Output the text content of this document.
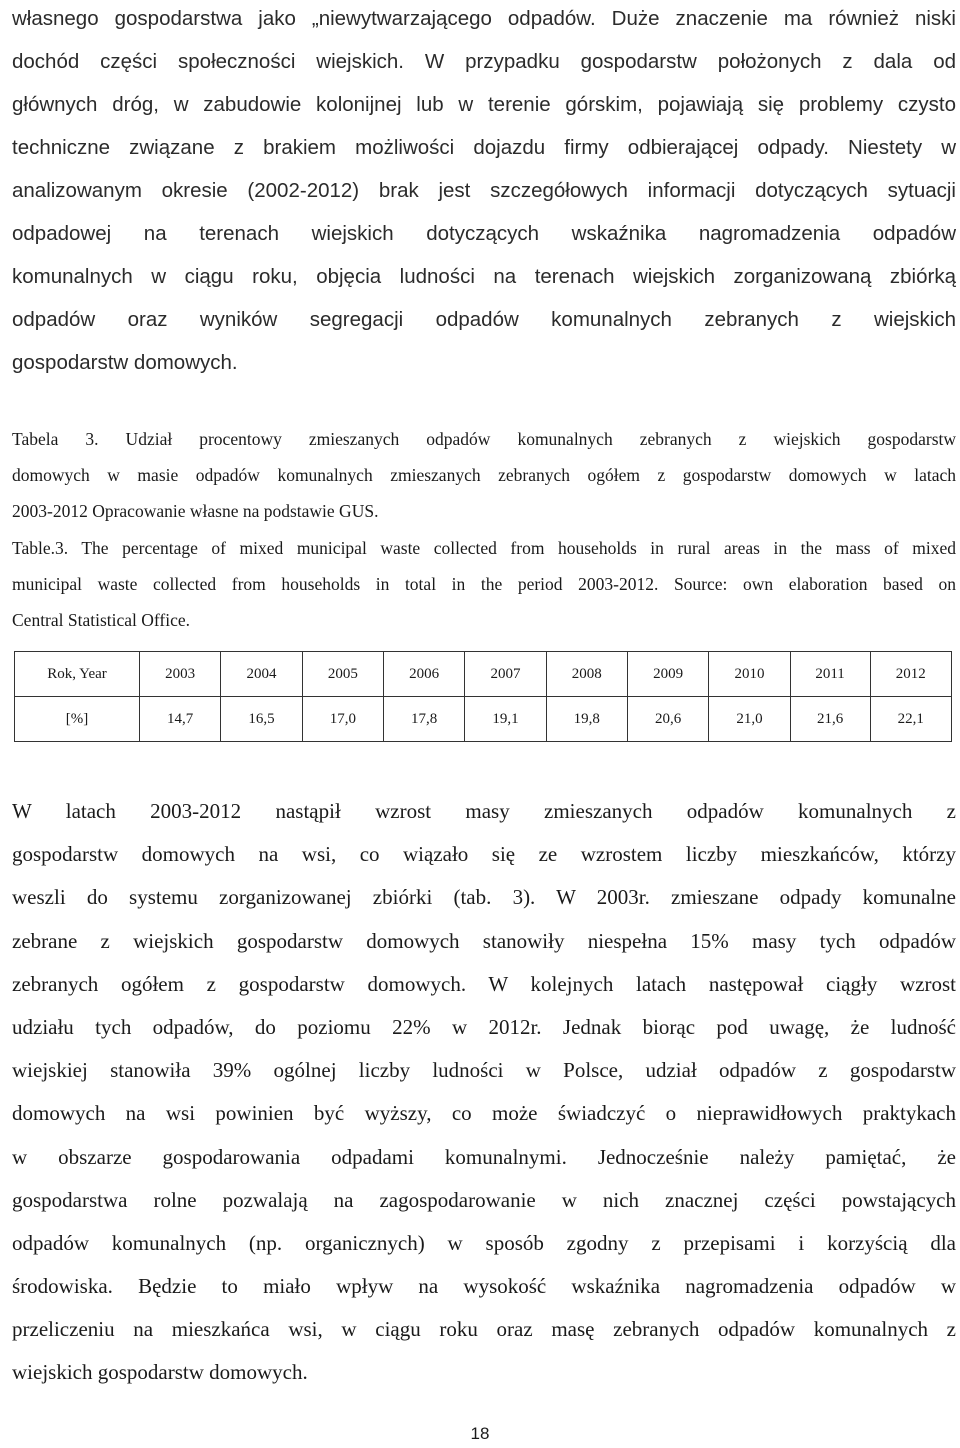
własnego gospodarstwa jako „niewytwarzającego odpadów. Duże znaczenie ma również niski
dochód części społeczności wiejskich. W przypadku gospodarstw położonych z dala od
głównych dróg, w zabudowie kolonijnej lub w terenie górskim, pojawiają się problemy czysto
techniczne związane z brakiem możliwości dojazdu firmy odbierającej odpady. Niestety w
analizowanym okresie (2002-2012) brak jest szczegółowych informacji dotyczących sytuacji
odpadowej na terenach wiejskich dotyczących wskaźnika nagromadzenia odpadów
komunalnych w ciągu roku, objęcia ludności na terenach wiejskich zorganizowaną zbiórką
odpadów oraz wyników segregacji odpadów komunalnych zebranych z wiejskich
gospodarstw domowych.
Tabela 3. Udział procentowy zmieszanych odpadów komunalnych zebranych z wiejskich gospodarstw
domowych w masie odpadów komunalnych zmieszanych zebranych ogółem z gospodarstw domowych w latach
2003-2012 Opracowanie własne na podstawie GUS.
Table.3. The percentage of mixed municipal waste collected from households in rural areas in the mass of mixed
municipal waste collected from households in total in the period 2003-2012. Source: own elaboration based on
Central Statistical Office.
Rok, Year	2003	2004	2005	2006	2007	2008	2009	2010	2011	2012
[%]	14,7	16,5	17,0	17,8	19,1	19,8	20,6	21,0	21,6	22,1
W latach 2003-2012 nastąpił wzrost masy zmieszanych odpadów komunalnych z
gospodarstw domowych na wsi, co wiązało się ze wzrostem liczby mieszkańców, którzy
weszli do systemu zorganizowanej zbiórki (tab. 3). W 2003r. zmieszane odpady komunalne
zebrane z wiejskich gospodarstw domowych stanowiły niespełna 15% masy tych odpadów
zebranych ogółem z gospodarstw domowych. W kolejnych latach następował ciągły wzrost
udziału tych odpadów, do poziomu 22% w 2012r. Jednak biorąc pod uwagę, że ludność
wiejskiej stanowiła 39% ogólnej liczby ludności w Polsce, udział odpadów z gospodarstw
domowych na wsi powinien być wyższy, co może świadczyć o nieprawidłowych praktykach
w obszarze gospodarowania odpadami komunalnymi. Jednocześnie należy pamiętać, że
gospodarstwa rolne pozwalają na zagospodarowanie w nich znacznej części powstających
odpadów komunalnych (np. organicznych) w sposób zgodny z przepisami i korzyścią dla
środowiska. Będzie to miało wpływ na wysokość wskaźnika nagromadzenia odpadów w
przeliczeniu na mieszkańca wsi, w ciągu roku oraz masę zebranych odpadów komunalnych z
wiejskich gospodarstw domowych.
18
